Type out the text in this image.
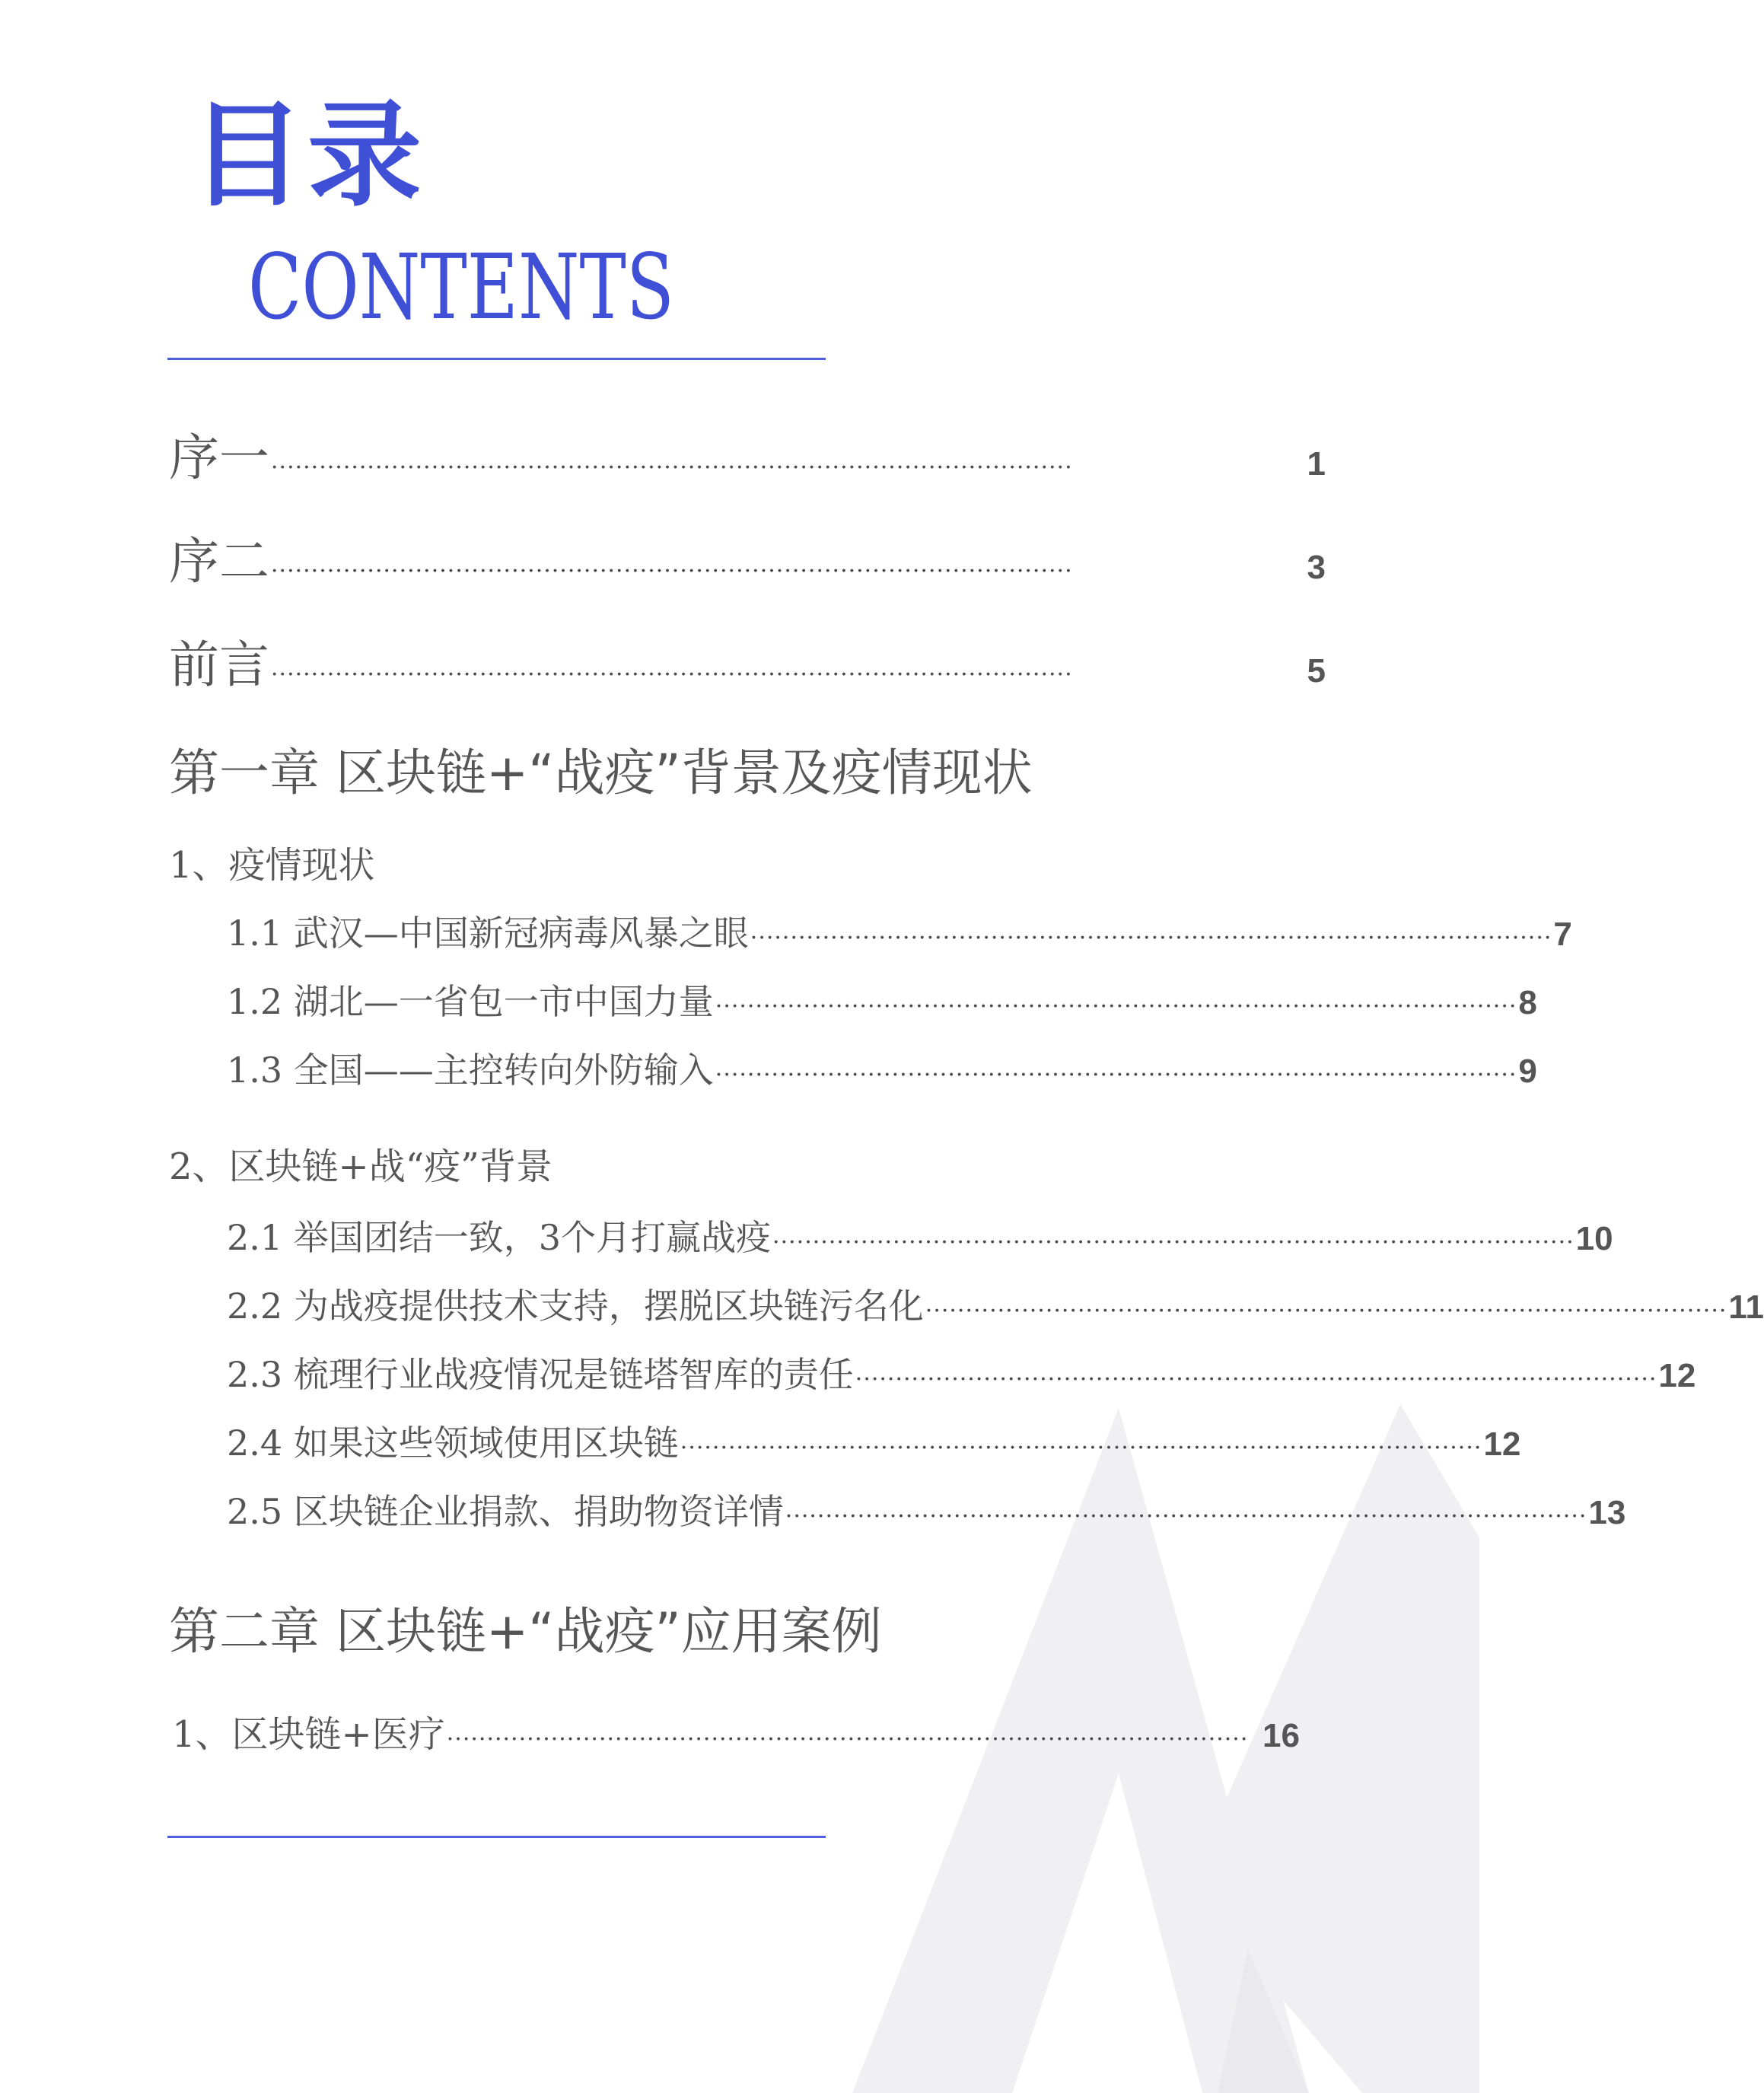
目录
CONTENTS
序一 ····································································································	1
序二 ····································································································	3
前言 ····································································································	5
第一章 区块链+“战疫”背景及疫情现状
1、疫情现状
1.1 武汉—中国新冠病毒风暴之眼 ···································································································· 7
1.2 湖北—一省包一市中国力量 ···································································································· 8
1.3 全国——主控转向外防输入 ···································································································· 9
2、区块链+战“疫”背景
2.1 举国团结一致，3个月打赢战疫 ···································································································· 10
2.2 为战疫提供技术支持，摆脱区块链污名化 ···································································································· 11
2.3 梳理行业战疫情况是链塔智库的责任 ···································································································· 12
2.4 如果这些领域使用区块链 ···································································································· 12
2.5 区块链企业捐款、捐助物资详情 ···································································································· 13
第二章 区块链+“战疫”应用案例
1、区块链+医疗 ···································································································· 16
